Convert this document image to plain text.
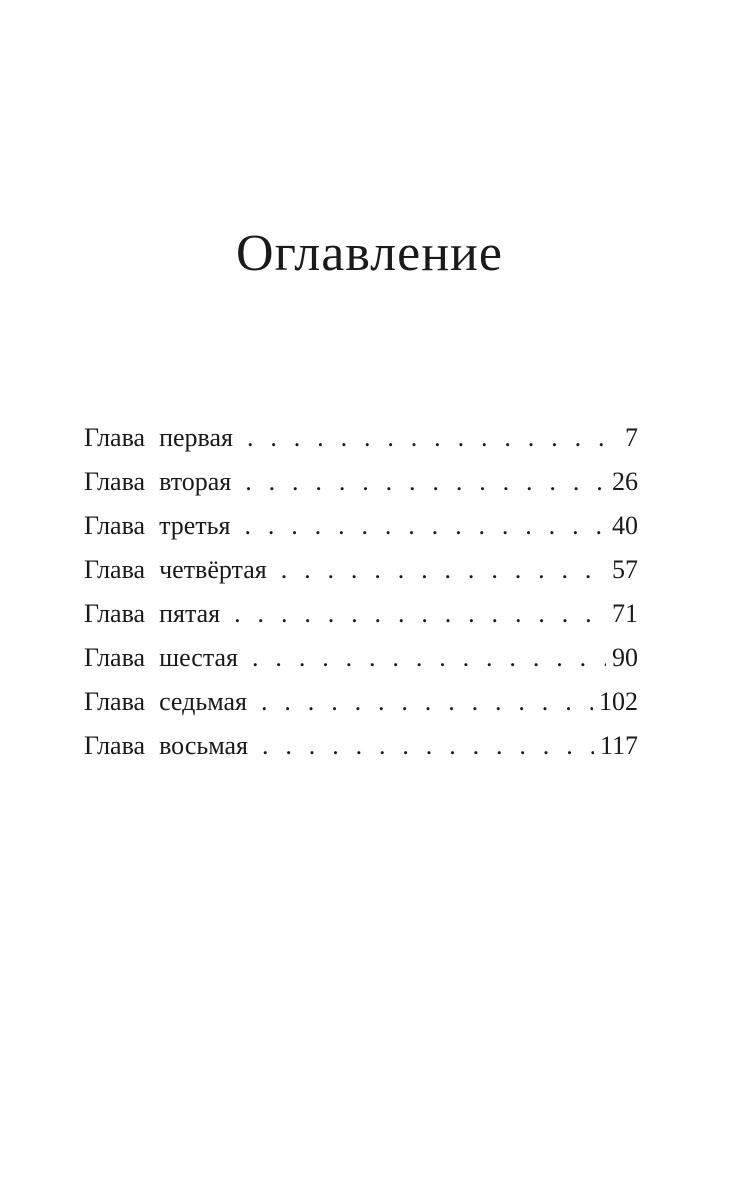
Оглавление
Глава первая . . .	7
Глава вторая . . .	26
Глава третья . . .	40
Глава четвёртая . . .	57
Глава пятая . . .	71
Глава шестая . . .	90
Глава седьмая . . .	102
Глава восьмая . . .	117
